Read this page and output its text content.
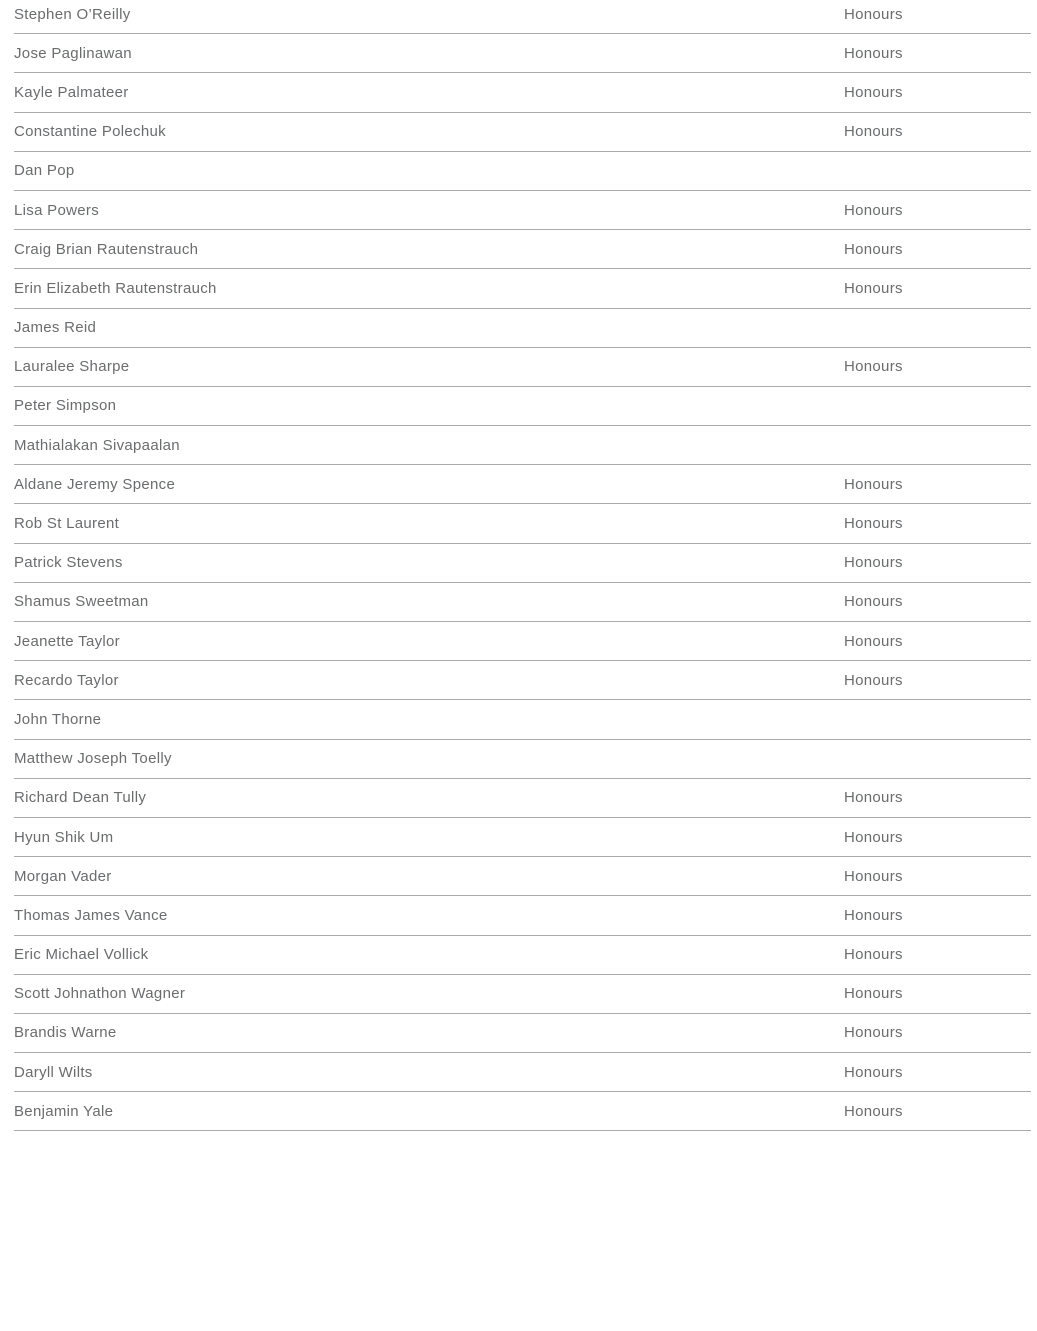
Stephen O’Reilly	Honours
Jose Paglinawan	Honours
Kayle Palmateer	Honours
Constantine Polechuk	Honours
Dan Pop
Lisa Powers	Honours
Craig Brian Rautenstrauch	Honours
Erin Elizabeth Rautenstrauch	Honours
James Reid
Lauralee Sharpe	Honours
Peter Simpson
Mathialakan Sivapaalan
Aldane Jeremy Spence	Honours
Rob St Laurent	Honours
Patrick Stevens	Honours
Shamus Sweetman	Honours
Jeanette Taylor	Honours
Recardo Taylor	Honours
John Thorne
Matthew Joseph Toelly
Richard Dean Tully	Honours
Hyun Shik Um	Honours
Morgan Vader	Honours
Thomas James Vance	Honours
Eric Michael Vollick	Honours
Scott Johnathon Wagner	Honours
Brandis Warne	Honours
Daryll Wilts	Honours
Benjamin Yale	Honours
